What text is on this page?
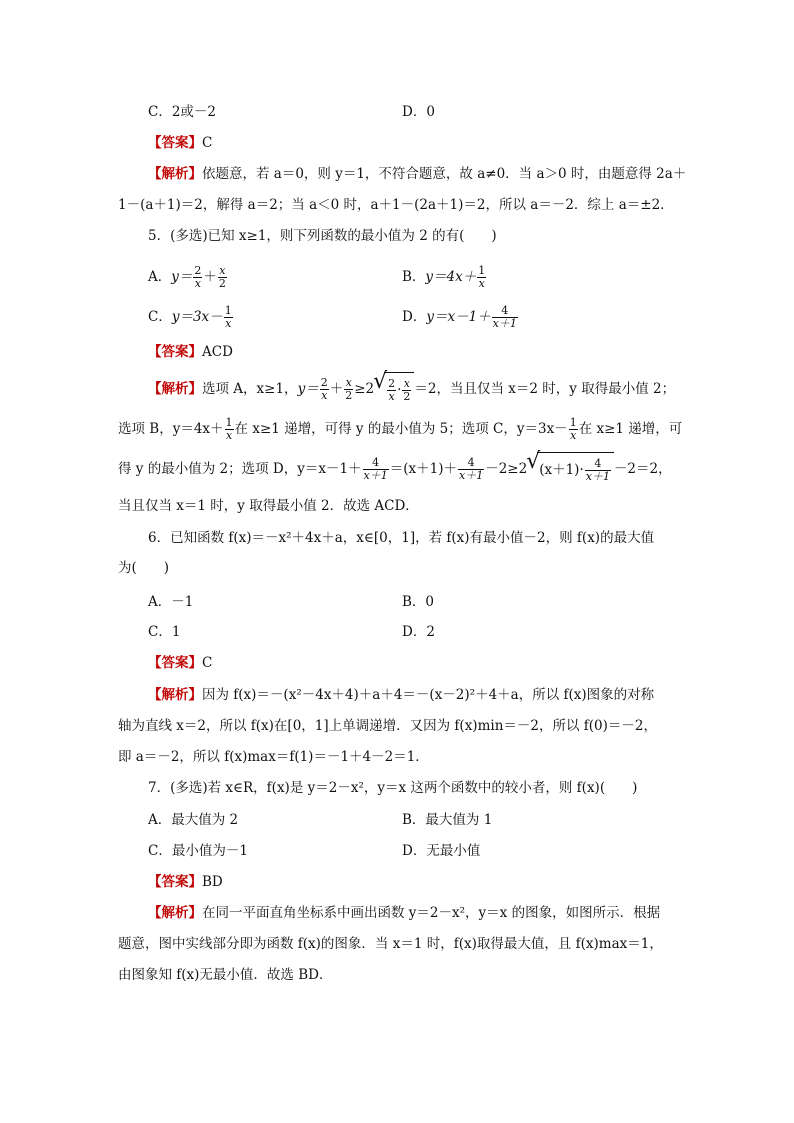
C．2或－2	D．0
【答案】C
【解析】依题意，若 a＝0，则 y＝1，不符合题意，故 a≠0．当 a＞0 时，由题意得 2a＋
1－(a＋1)＝2，解得 a＝2；当 a＜0 时，a＋1－(2a＋1)＝2，所以 a＝－2．综上 a＝±2．
5．(多选)已知 x≥1，则下列函数的最小值为 2 的有(　　)
A．$y= \frac{2}{x} + \frac{x}{2}$	B．$y=4x+ \frac{1}{x}$
C．$y=3x- \frac{1}{x}$	D．$y=x-1+ \frac{4}{x+1}$
【答案】ACD
【解析】选项 A，x≥1，$y= \frac{2}{x} + \frac{x}{2} \ge 2$
√ $\frac{2}{x} \cdot \frac{x}{2} =2$，当且仅当 x＝2 时，y 取得最小值 2；
选项 B，$y=4x+ \frac{1}{x}$ 在 x≥1 递增，可得 y 的最小值为 5；选项 C，$y=3x- \frac{1}{x}$ 在 x≥1 递增，可
得 y 的最小值为 2；选项 D，$y=x-1+ \frac{4}{x+1} =(x+1)+ \frac{4}{x+1} -2\ge 2√$ $(x+1)\cdot \frac{4}{x+1} -2=2$，
当且仅当 x＝1 时，y 取得最小值 2．故选 ACD．
6．已知函数 f(x)＝－x²＋4x＋a，x∈[0，1]，若 f(x)有最小值－2，则 f(x)的最大值
为(　　)
A．－1	B．0
C．1	D．2
【答案】C
【解析】因为 f(x)＝－(x²－4x＋4)＋a＋4＝－(x－2)²＋4＋a，所以 f(x)图象的对称
轴为直线 x＝2，所以 f(x)在[0，1]上单调递增．又因为 f(x)min＝－2，所以 f(0)＝－2，
即 a＝－2，所以 f(x)max＝f(1)＝－1＋4－2＝1．
7．(多选)若 x∈R，f(x)是 y＝2－x²，y＝x 这两个函数中的较小者，则 f(x)(　　)
A．最大值为 2	B．最大值为 1
C．最小值为－1	D．无最小值
【答案】BD
【解析】在同一平面直角坐标系中画出函数 y＝2－x²，y＝x 的图象，如图所示．根据
题意，图中实线部分即为函数 f(x)的图象．当 x＝1 时，f(x)取得最大值，且 f(x)max＝1，
由图象知 f(x)无最小值．故选 BD．
